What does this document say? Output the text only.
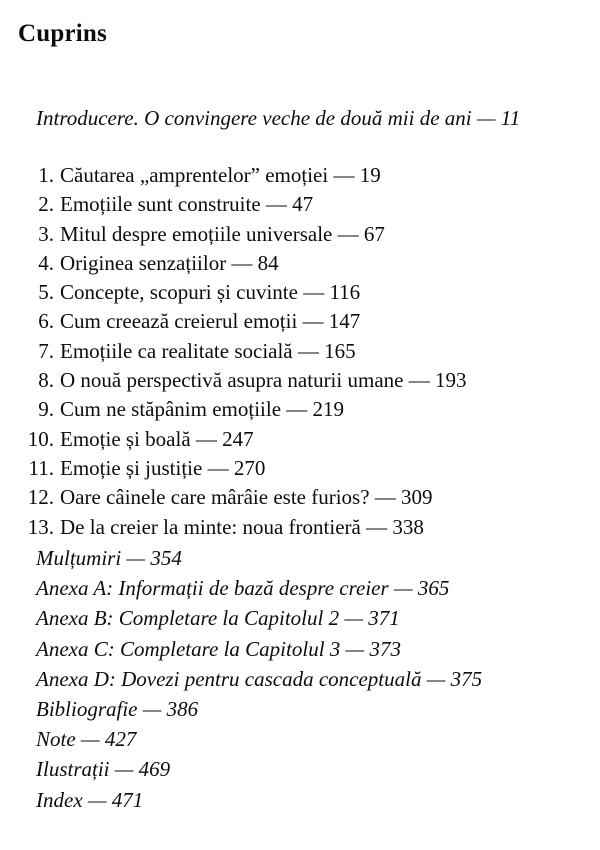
Cuprins
Introducere. O convingere veche de două mii de ani — 11
1. Căutarea „amprentelor” emoției — 19
2. Emoțiile sunt construite — 47
3. Mitul despre emoțiile universale — 67
4. Originea senzațiilor — 84
5. Concepte, scopuri și cuvinte — 116
6. Cum creează creierul emoții — 147
7. Emoțiile ca realitate socială — 165
8. O nouă perspectivă asupra naturii umane — 193
9. Cum ne stăpânim emoțiile — 219
10. Emoție și boală — 247
11. Emoție și justiție — 270
12. Oare câinele care mârâie este furios? — 309
13. De la creier la minte: noua frontieră — 338
Mulțumiri — 354
Anexa A: Informații de bază despre creier — 365
Anexa B: Completare la Capitolul 2 — 371
Anexa C: Completare la Capitolul 3 — 373
Anexa D: Dovezi pentru cascada conceptuală — 375
Bibliografie — 386
Note — 427
Ilustrații — 469
Index — 471
